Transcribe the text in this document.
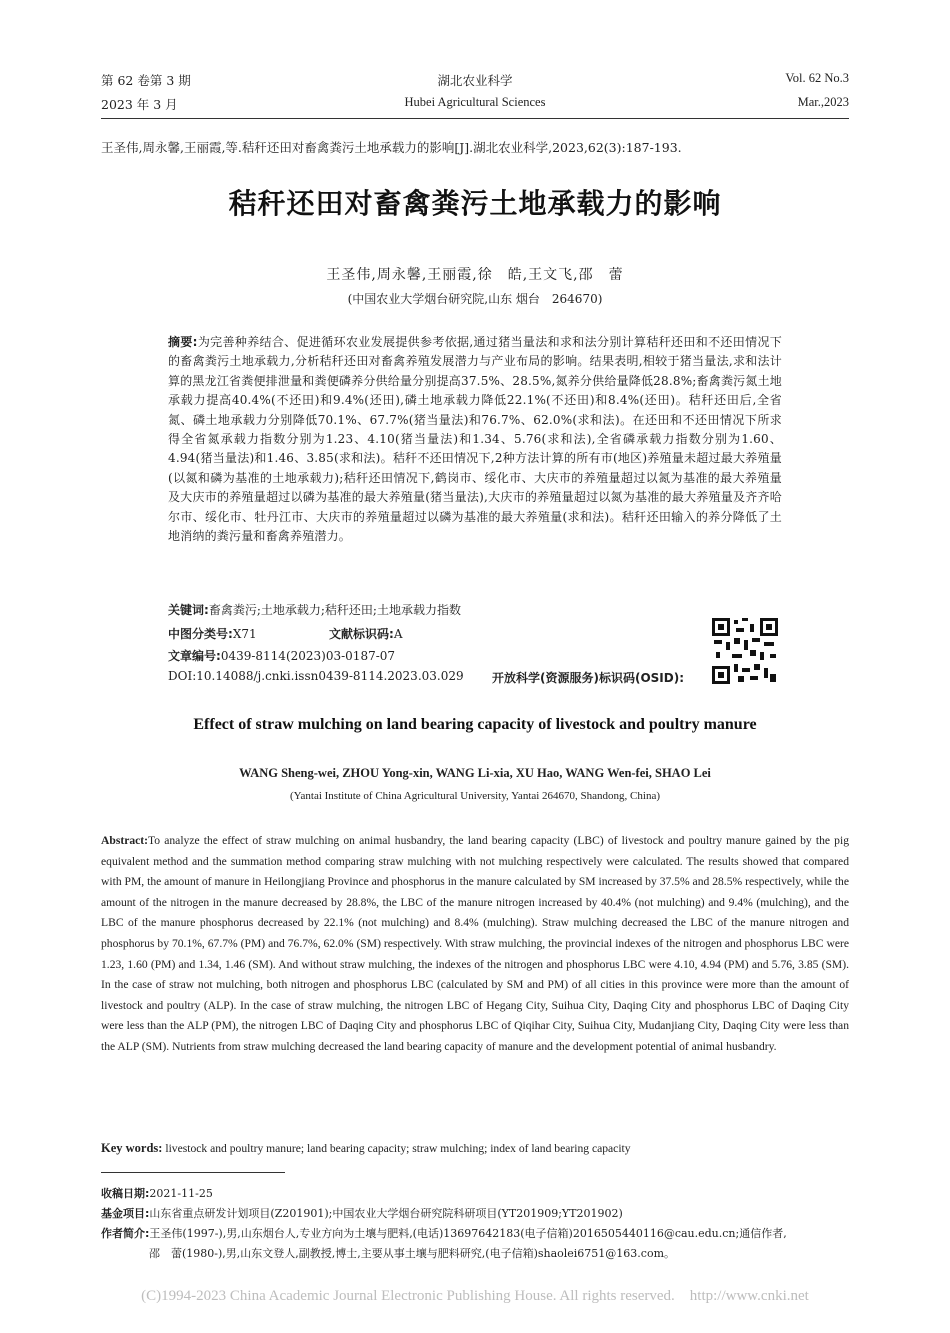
第 62 卷第 3 期
2023 年 3 月
湖北农业科学
Hubei Agricultural Sciences
Vol. 62 No.3
Mar.,2023
王圣伟,周永馨,王丽霞,等.秸秆还田对畜禽粪污土地承载力的影响[J].湖北农业科学,2023,62(3):187-193.
秸秆还田对畜禽粪污土地承载力的影响
王圣伟,周永馨,王丽霞,徐　皓,王文飞,邵　蕾
(中国农业大学烟台研究院,山东 烟台　264670)
摘要:为完善种养结合、促进循环农业发展提供参考依据,通过猪当量法和求和法分别计算秸秆还田和不还田情况下的畜禽粪污土地承载力,分析秸秆还田对畜禽养殖发展潜力与产业布局的影响。结果表明,相较于猪当量法,求和法计算的黑龙江省粪便排泄量和粪便磷养分供给量分别提高37.5%、28.5%,氮养分供给量降低28.8%;畜禽粪污氮土地承载力提高40.4%(不还田)和9.4%(还田),磷土地承载力降低22.1%(不还田)和8.4%(还田)。秸秆还田后,全省氮、磷土地承载力分别降低70.1%、67.7%(猪当量法)和76.7%、62.0%(求和法)。在还田和不还田情况下所求得全省氮承载力指数分别为1.23、4.10(猪当量法)和1.34、5.76(求和法),全省磷承载力指数分别为1.60、4.94(猪当量法)和1.46、3.85(求和法)。秸秆不还田情况下,2种方法计算的所有市(地区)养殖量未超过最大养殖量(以氮和磷为基准的土地承载力);秸秆还田情况下,鹤岗市、绥化市、大庆市的养殖量超过以氮为基准的最大养殖量及大庆市的养殖量超过以磷为基准的最大养殖量(猪当量法),大庆市的养殖量超过以氮为基准的最大养殖量及齐齐哈尔市、绥化市、牡丹江市、大庆市的养殖量超过以磷为基准的最大养殖量(求和法)。秸秆还田输入的养分降低了土地消纳的粪污量和畜禽养殖潜力。
关键词:畜禽粪污;土地承载力;秸秆还田;土地承载力指数
中图分类号:X71	文献标识码:A
文章编号:0439-8114(2023)03-0187-07
DOI:10.14088/j.cnki.issn0439-8114.2023.03.029 开放科学(资源服务)标识码(OSID):
Effect of straw mulching on land bearing capacity of livestock and poultry manure
WANG Sheng-wei, ZHOU Yong-xin, WANG Li-xia, XU Hao, WANG Wen-fei, SHAO Lei
(Yantai Institute of China Agricultural University, Yantai 264670, Shandong, China)
Abstract:To analyze the effect of straw mulching on animal husbandry, the land bearing capacity (LBC) of livestock and poultry manure gained by the pig equivalent method and the summation method comparing straw mulching with not mulching respectively were calculated. The results showed that compared with PM, the amount of manure in Heilongjiang Province and phosphorus in the manure calculated by SM increased by 37.5% and 28.5% respectively, while the amount of the nitrogen in the manure decreased by 28.8%, the LBC of the manure nitrogen increased by 40.4% (not mulching) and 9.4% (mulching), and the LBC of the manure phosphorus decreased by 22.1% (not mulching) and 8.4% (mulching). Straw mulching decreased the LBC of the manure nitrogen and phosphorus by 70.1%, 67.7% (PM) and 76.7%, 62.0% (SM) respectively. With straw mulching, the provincial indexes of the nitrogen and phosphorus LBC were 1.23, 1.60 (PM) and 1.34, 1.46 (SM). And without straw mulching, the indexes of the nitrogen and phosphorus LBC were 4.10, 4.94 (PM) and 5.76, 3.85 (SM). In the case of straw not mulching, both nitrogen and phosphorus LBC (calculated by SM and PM) of all cities in this province were more than the amount of livestock and poultry (ALP). In the case of straw mulching, the nitrogen LBC of Hegang City, Suihua City, Daqing City and phosphorus LBC of Daqing City were less than the ALP (PM), the nitrogen LBC of Daqing City and phosphorus LBC of Qiqihar City, Suihua City, Mudanjiang City, Daqing City were less than the ALP (SM). Nutrients from straw mulching decreased the land bearing capacity of manure and the development potential of animal husbandry.
Key words: livestock and poultry manure; land bearing capacity; straw mulching; index of land bearing capacity
收稿日期:2021-11-25
基金项目:山东省重点研发计划项目(Z201901);中国农业大学烟台研究院科研项目(YT201909;YT201902)
作者简介:王圣伟(1997-),男,山东烟台人,专业方向为土壤与肥料,(电话)13697642183(电子信箱)2016505440116@cau.edu.cn;通信作者,
邵　蕾(1980-),男,山东文登人,副教授,博士,主要从事土壤与肥料研究,(电子信箱)shaolei6751@163.com。
(C)1994-2023 China Academic Journal Electronic Publishing House. All rights reserved.    http://www.cnki.net
